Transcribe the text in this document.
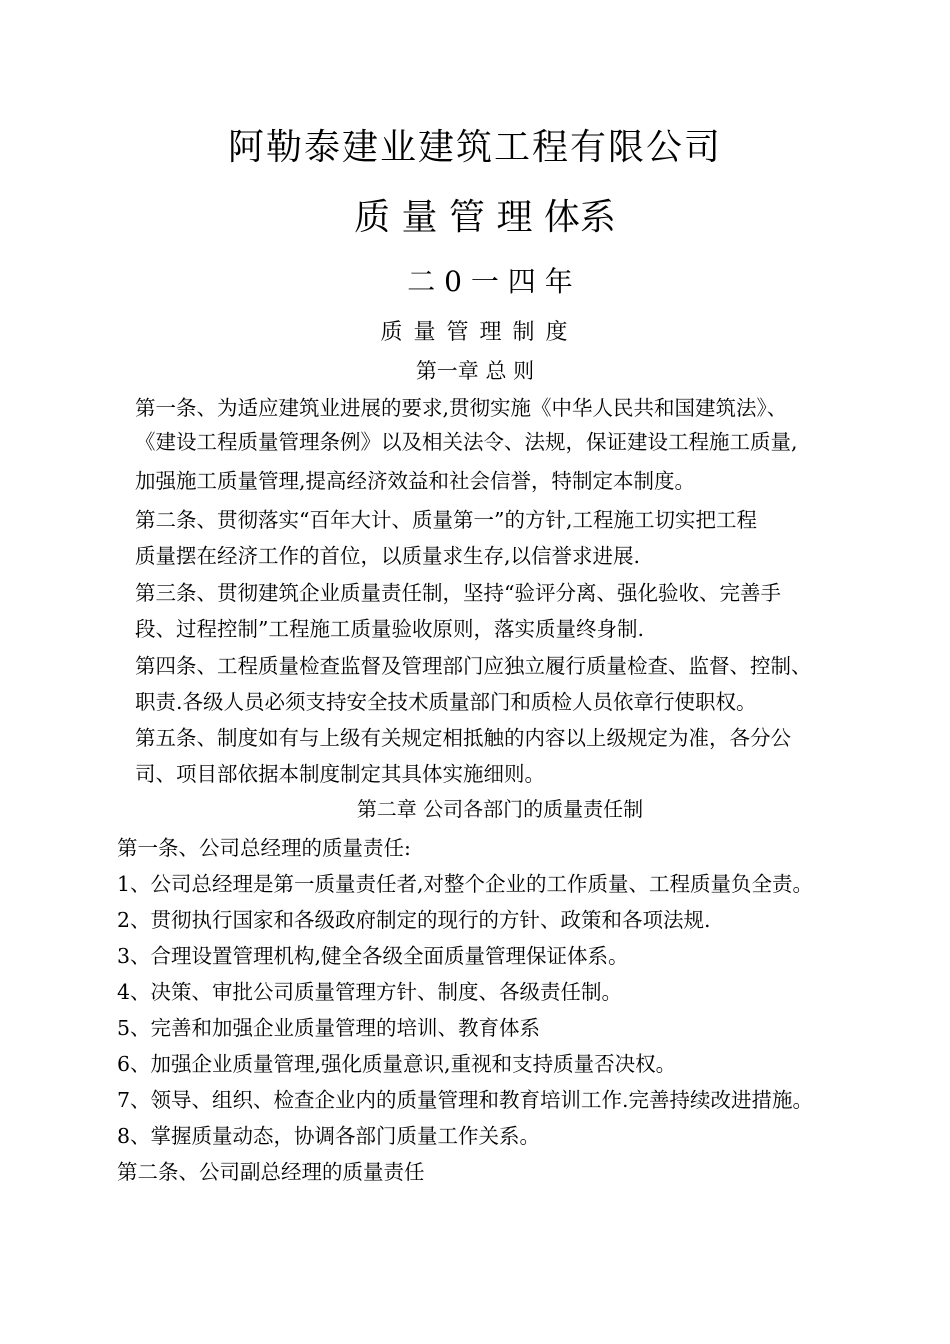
阿勒泰建业建筑工程有限公司
质 量 管 理 体系
二 0 一 四 年
质 量 管 理 制 度
第一章 总 则
第一条、为适应建筑业进展的要求,贯彻实施《中华人民共和国建筑法》、
《建设工程质量管理条例》以及相关法令、法规，保证建设工程施工质量,
加强施工质量管理,提高经济效益和社会信誉，特制定本制度。
第二条、贯彻落实“百年大计、质量第一”的方针,工程施工切实把工程
质量摆在经济工作的首位，以质量求生存,以信誉求进展.
第三条、贯彻建筑企业质量责任制，坚持“验评分离、强化验收、完善手
段、过程控制”工程施工质量验收原则，落实质量终身制.
第四条、工程质量检查监督及管理部门应独立履行质量检查、监督、控制、
职责.各级人员必须支持安全技术质量部门和质检人员依章行使职权。
第五条、制度如有与上级有关规定相抵触的内容以上级规定为准，各分公
司、项目部依据本制度制定其具体实施细则。
第二章 公司各部门的质量责任制
第一条、公司总经理的质量责任:
1、公司总经理是第一质量责任者,对整个企业的工作质量、工程质量负全责。
2、贯彻执行国家和各级政府制定的现行的方针、政策和各项法规.
3、合理设置管理机构,健全各级全面质量管理保证体系。
4、决策、审批公司质量管理方针、制度、各级责任制。
5、完善和加强企业质量管理的培训、教育体系
6、加强企业质量管理,强化质量意识,重视和支持质量否决权。
7、领导、组织、检查企业内的质量管理和教育培训工作.完善持续改进措施。
8、掌握质量动态，协调各部门质量工作关系。
第二条、公司副总经理的质量责任
